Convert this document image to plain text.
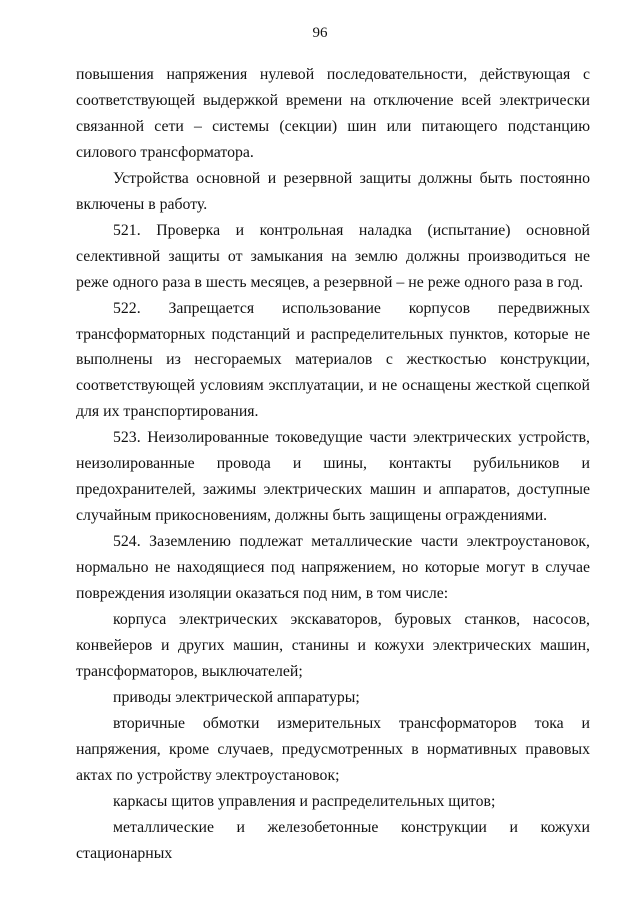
96

повышения напряжения нулевой последовательности, действующая с соответствующей выдержкой времени на отключение всей электрически связанной сети – системы (секции) шин или питающего подстанцию силового трансформатора.

Устройства основной и резервной защиты должны быть постоянно включены в работу.

521. Проверка и контрольная наладка (испытание) основной селективной защиты от замыкания на землю должны производиться не реже одного раза в шесть месяцев, а резервной – не реже одного раза в год.

522. Запрещается использование корпусов передвижных трансформаторных подстанций и распределительных пунктов, которые не выполнены из несгораемых материалов с жесткостью конструкции, соответствующей условиям эксплуатации, и не оснащены жесткой сцепкой для их транспортирования.

523. Неизолированные токоведущие части электрических устройств, неизолированные провода и шины, контакты рубильников и предохранителей, зажимы электрических машин и аппаратов, доступные случайным прикосновениям, должны быть защищены ограждениями.

524. Заземлению подлежат металлические части электроустановок, нормально не находящиеся под напряжением, но которые могут в случае повреждения изоляции оказаться под ним, в том числе:

корпуса электрических экскаваторов, буровых станков, насосов, конвейеров и других машин, станины и кожухи электрических машин, трансформаторов, выключателей;

приводы электрической аппаратуры;

вторичные обмотки измерительных трансформаторов тока и напряжения, кроме случаев, предусмотренных в нормативных правовых актах по устройству электроустановок;

каркасы щитов управления и распределительных щитов;

металлические и железобетонные конструкции и кожухи стационарных
